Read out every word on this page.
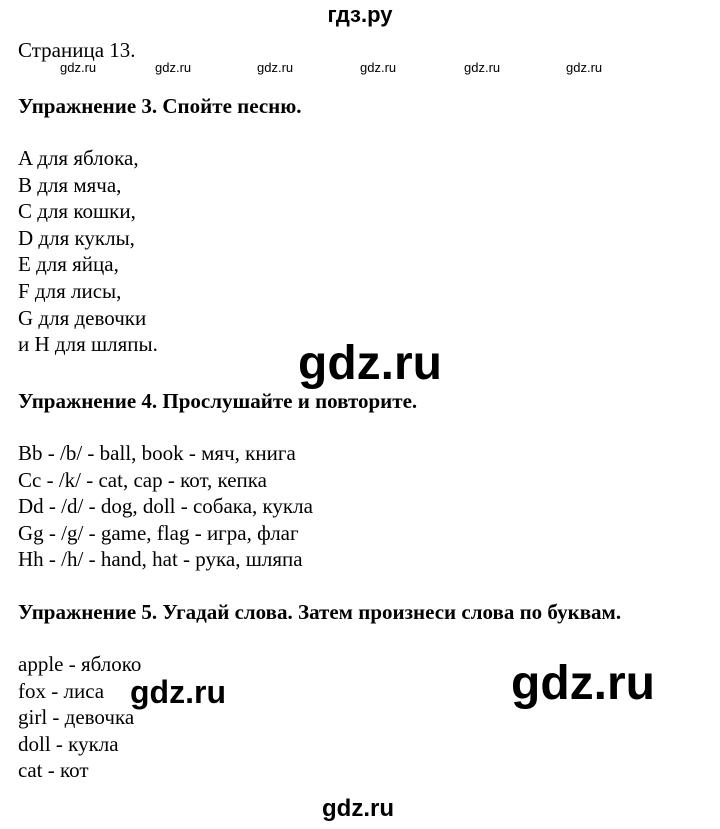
гдз.ру
Страница 13.
gdz.ru	gdz.ru	gdz.ru	gdz.ru	gdz.ru	gdz.ru
Упражнение 3. Спойте песню.
A для яблока,
B для мяча,
C для кошки,
D для куклы,
E для яйца,
F для лисы,
G для девочки
и H для шляпы.	gdz.ru
Упражнение 4. Прослушайте и повторите.
Bb - /b/ - ball, book - мяч, книга
Cc - /k/ - cat, cap - кот, кепка
Dd - /d/ - dog, doll - собака, кукла
Gg - /g/ - game, flag - игра, флаг
Hh - /h/ - hand, hat - рука, шляпа
Упражнение 5. Угадай слова. Затем произнеси слова по буквам.
apple - яблоко
fox - лиса
girl - девочка
doll - кукла
cat - кот
gdz.ru	gdz.ru
gdz.ru
